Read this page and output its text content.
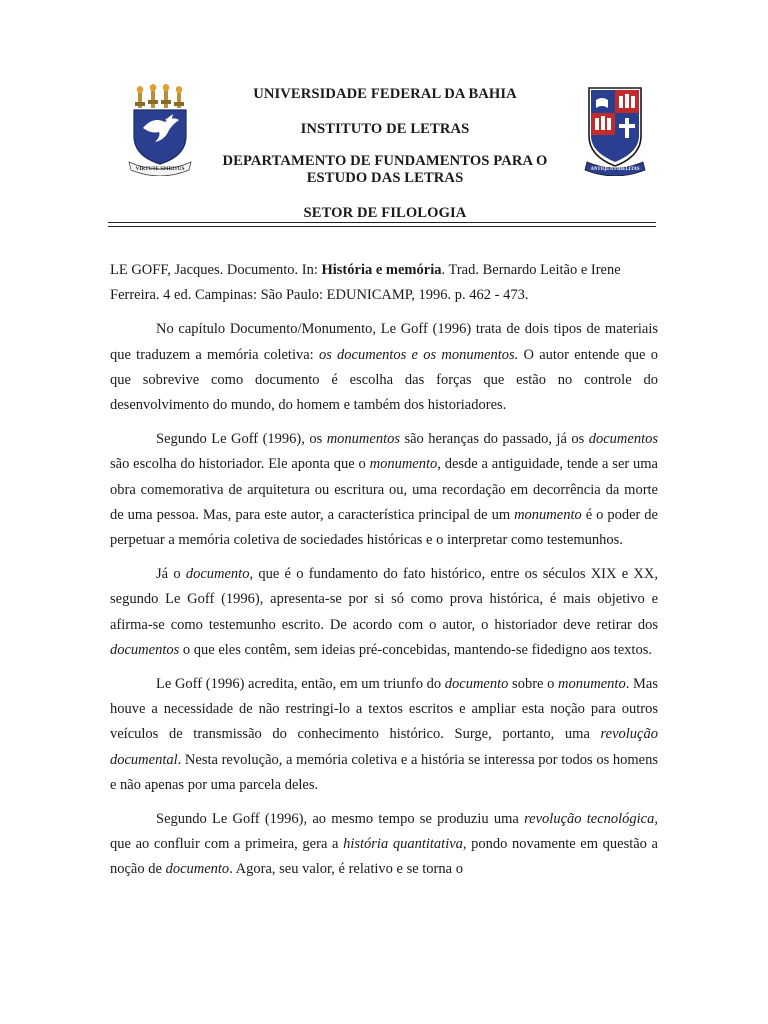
VIRTUTE SPIRITUS
UNIVERSIDADE FEDERAL DA BAHIA
INSTITUTO DE LETRAS
DEPARTAMENTO DE FUNDAMENTOS PARA O ESTUDO DAS LETRAS
SETOR DE FILOLOGIA
ANTIQUA FIDELITAS

LE GOFF, Jacques. Documento. In: História e memória. Trad. Bernardo Leitão e Irene Ferreira. 4 ed. Campinas: São Paulo: EDUNICAMP, 1996. p. 462 - 473.

No capítulo Documento/Monumento, Le Goff (1996) trata de dois tipos de materiais que traduzem a memória coletiva: os documentos e os monumentos. O autor entende que o que sobrevive como documento é escolha das forças que estão no controle do desenvolvimento do mundo, do homem e também dos historiadores.

Segundo Le Goff (1996), os monumentos são heranças do passado, já os documentos são escolha do historiador. Ele aponta que o monumento, desde a antiguidade, tende a ser uma obra comemorativa de arquitetura ou escritura ou, uma recordação em decorrência da morte de uma pessoa. Mas, para este autor, a característica principal de um monumento é o poder de perpetuar a memória coletiva de sociedades históricas e o interpretar como testemunhos.

Já o documento, que é o fundamento do fato histórico, entre os séculos XIX e XX, segundo Le Goff (1996), apresenta-se por si só como prova histórica, é mais objetivo e afirma-se como testemunho escrito. De acordo com o autor, o historiador deve retirar dos documentos o que eles contêm, sem ideias pré-concebidas, mantendo-se fidedigno aos textos.

Le Goff (1996) acredita, então, em um triunfo do documento sobre o monumento. Mas houve a necessidade de não restringi-lo a textos escritos e ampliar esta noção para outros veículos de transmissão do conhecimento histórico. Surge, portanto, uma revolução documental. Nesta revolução, a memória coletiva e a história se interessa por todos os homens e não apenas por uma parcela deles.

Segundo Le Goff (1996), ao mesmo tempo se produziu uma revolução tecnológica, que ao confluir com a primeira, gera a história quantitativa, pondo novamente em questão a noção de documento. Agora, seu valor, é relativo e se torna o
